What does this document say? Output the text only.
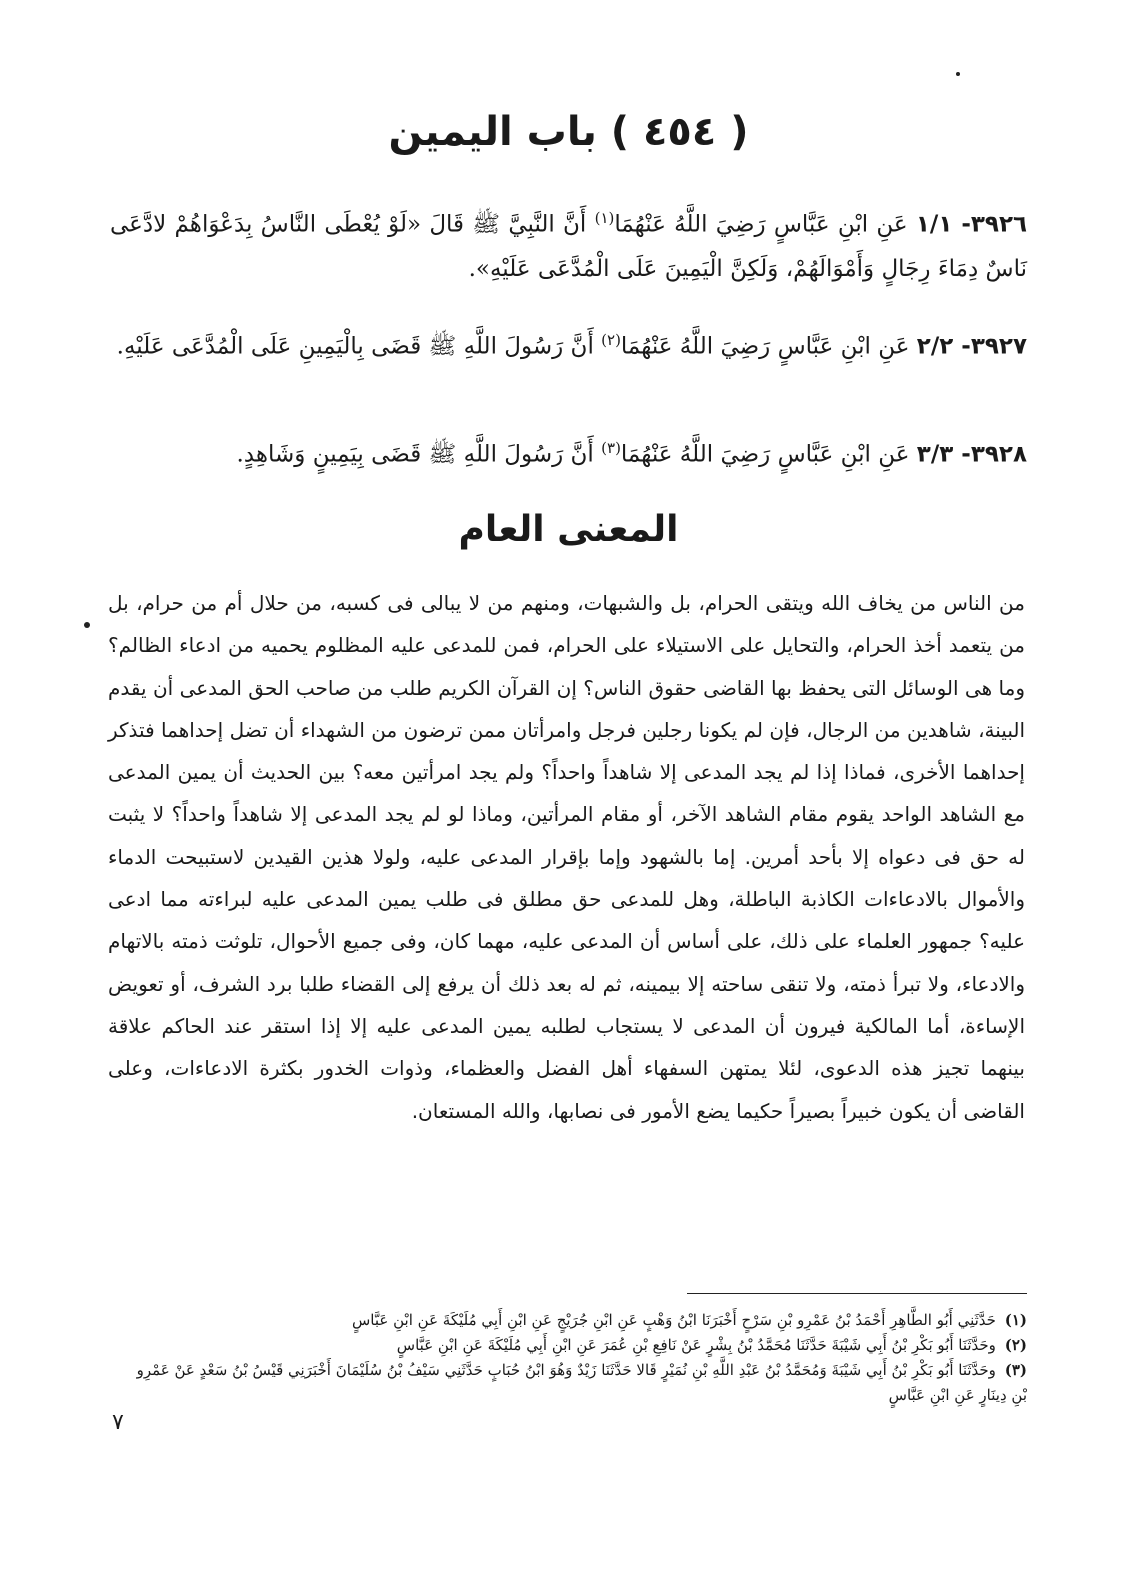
( ٤٥٤ ) باب اليمين

٣٩٢٦- ١/١ عَنِ ابْنِ عَبَّاسٍ رَضِيَ اللَّهُ عَنْهُمَا$^{(١)}$ أَنَّ النَّبِيَّ ﷺ قَالَ «لَوْ يُعْطَى النَّاسُ بِدَعْوَاهُمْ لادَّعَى نَاسٌ دِمَاءَ رِجَالٍ وَأَمْوَالَهُمْ، وَلَكِنَّ الْيَمِينَ عَلَى الْمُدَّعَى عَلَيْهِ».

٣٩٢٧- ٢/٢ عَنِ ابْنِ عَبَّاسٍ رَضِيَ اللَّهُ عَنْهُمَا$^{(٢)}$ أَنَّ رَسُولَ اللَّهِ ﷺ قَضَى بِالْيَمِينِ عَلَى الْمُدَّعَى عَلَيْهِ.

٣٩٢٨- ٣/٣ عَنِ ابْنِ عَبَّاسٍ رَضِيَ اللَّهُ عَنْهُمَا$^{(٣)}$ أَنَّ رَسُولَ اللَّهِ ﷺ قَضَى بِيَمِينٍ وَشَاهِدٍ.

المعنى العام

من الناس من يخاف الله ويتقى الحرام، بل والشبهات، ومنهم من لا يبالى فى كسبه، من حلال أم من حرام، بل من يتعمد أخذ الحرام، والتحايل على الاستيلاء على الحرام، فمن للمدعى عليه المظلوم يحميه من ادعاء الظالم؟ وما هى الوسائل التى يحفظ بها القاضى حقوق الناس؟ إن القرآن الكريم طلب من صاحب الحق المدعى أن يقدم البينة، شاهدين من الرجال، فإن لم يكونا رجلين فرجل وامرأتان ممن ترضون من الشهداء أن تضل إحداهما فتذكر إحداهما الأخرى، فماذا إذا لم يجد المدعى إلا شاهداً واحداً؟ ولم يجد امرأتين معه؟ بين الحديث أن يمين المدعى مع الشاهد الواحد يقوم مقام الشاهد الآخر، أو مقام المرأتين، وماذا لو لم يجد المدعى إلا شاهداً واحداً؟ لا يثبت له حق فى دعواه إلا بأحد أمرين. إما بالشهود وإما بإقرار المدعى عليه، ولولا هذين القيدين لاستبيحت الدماء والأموال بالادعاءات الكاذبة الباطلة، وهل للمدعى حق مطلق فى طلب يمين المدعى عليه لبراءته مما ادعى عليه؟ جمهور العلماء على ذلك، على أساس أن المدعى عليه، مهما كان، وفى جميع الأحوال، تلوثت ذمته بالاتهام والادعاء، ولا تبرأ ذمته، ولا تنقى ساحته إلا بيمينه، ثم له بعد ذلك أن يرفع إلى القضاء طلبا برد الشرف، أو تعويض الإساءة، أما المالكية فيرون أن المدعى لا يستجاب لطلبه يمين المدعى عليه إلا إذا استقر عند الحاكم علاقة بينهما تجيز هذه الدعوى، لئلا يمتهن السفهاء أهل الفضل والعظماء، وذوات الخدور بكثرة الادعاءات، وعلى القاضى أن يكون خبيراً بصيراً حكيما يضع الأمور فى نصابها، والله المستعان.

(١) حَدَّثَنِي أَبُو الطَّاهِرِ أَحْمَدُ بْنُ عَمْرِو بْنِ سَرْحٍ أَخْبَرَنَا ابْنُ وَهْبٍ عَنِ ابْنِ جُرَيْجٍ عَنِ ابْنِ أَبِي مُلَيْكَةَ عَنِ ابْنِ عَبَّاسٍ

(٢) وحَدَّثَنَا أَبُو بَكْرِ بْنُ أَبِي شَيْبَةَ حَدَّثَنَا مُحَمَّدُ بْنُ بِشْرٍ عَنْ نَافِعِ بْنِ عُمَرَ عَنِ ابْنِ أَبِي مُلَيْكَةَ عَنِ ابْنِ عَبَّاسٍ

(٣) وحَدَّثَنَا أَبُو بَكْرِ بْنُ أَبِي شَيْبَةَ وَمُحَمَّدُ بْنُ عَبْدِ اللَّهِ بْنِ نُمَيْرٍ قَالا حَدَّثَنَا زَيْدٌ وَهُوَ ابْنُ حُبَابٍ حَدَّثَنِي سَيْفُ بْنُ سُلَيْمَانَ أَخْبَرَنِي قَيْسُ بْنُ سَعْدٍ عَنْ عَمْرِو بْنِ دِينَارٍ عَنِ ابْنِ عَبَّاسٍ

٧
